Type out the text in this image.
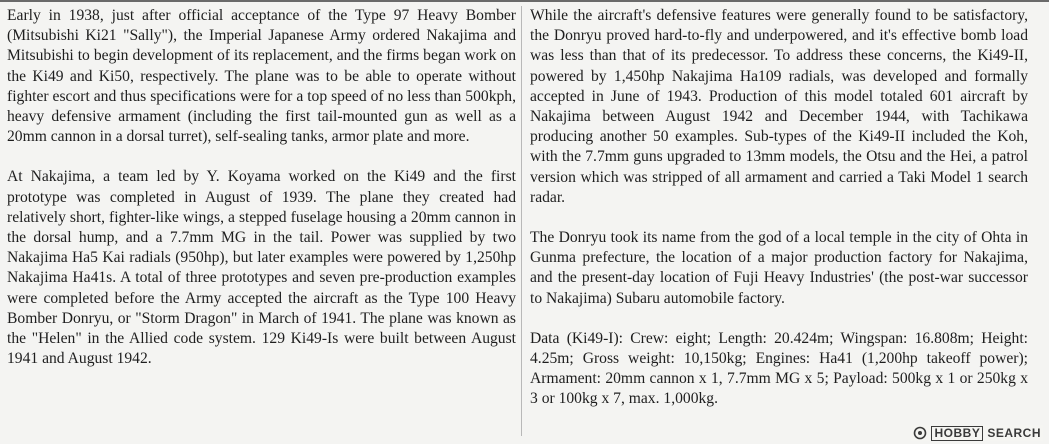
Early in 1938, just after official acceptance of the Type 97 Heavy Bomber (Mitsubishi Ki21 "Sally"), the Imperial Japanese Army ordered Nakajima and Mitsubishi to begin development of its replacement, and the firms began work on the Ki49 and Ki50, respectively. The plane was to be able to operate without fighter escort and thus specifications were for a top speed of no less than 500kph, heavy defensive armament (including the first tail-mounted gun as well as a 20mm cannon in a dorsal turret), self-sealing tanks, armor plate and more.

At Nakajima, a team led by Y. Koyama worked on the Ki49 and the first prototype was completed in August of 1939. The plane they created had relatively short, fighter-like wings, a stepped fuselage housing a 20mm cannon in the dorsal hump, and a 7.7mm MG in the tail. Power was supplied by two Nakajima Ha5 Kai radials (950hp), but later examples were powered by 1,250hp Nakajima Ha41s. A total of three prototypes and seven pre-production examples were completed before the Army accepted the aircraft as the Type 100 Heavy Bomber Donryu, or "Storm Dragon" in March of 1941. The plane was known as the "Helen" in the Allied code system. 129 Ki49-Is were built between August 1941 and August 1942.

While the aircraft's defensive features were generally found to be satisfactory, the Donryu proved hard-to-fly and underpowered, and it's effective bomb load was less than that of its predecessor. To address these concerns, the Ki49-II, powered by 1,450hp Nakajima Ha109 radials, was developed and formally accepted in June of 1943. Production of this model totaled 601 aircraft by Nakajima between August 1942 and December 1944, with Tachikawa producing another 50 examples. Sub-types of the Ki49-II included the Koh, with the 7.7mm guns upgraded to 13mm models, the Otsu and the Hei, a patrol version which was stripped of all armament and carried a Taki Model 1 search radar.

The Donryu took its name from the god of a local temple in the city of Ohta in Gunma prefecture, the location of a major production factory for Nakajima, and the present-day location of Fuji Heavy Industries' (the post-war successor to Nakajima) Subaru automobile factory.

Data (Ki49-I): Crew: eight; Length: 20.424m; Wingspan: 16.808m; Height: 4.25m; Gross weight: 10,150kg; Engines: Ha41 (1,200hp takeoff power); Armament: 20mm cannon x 1, 7.7mm MG x 5; Payload: 500kg x 1 or 250kg x 3 or 100kg x 7, max. 1,000kg.

HOBBY SEARCH
